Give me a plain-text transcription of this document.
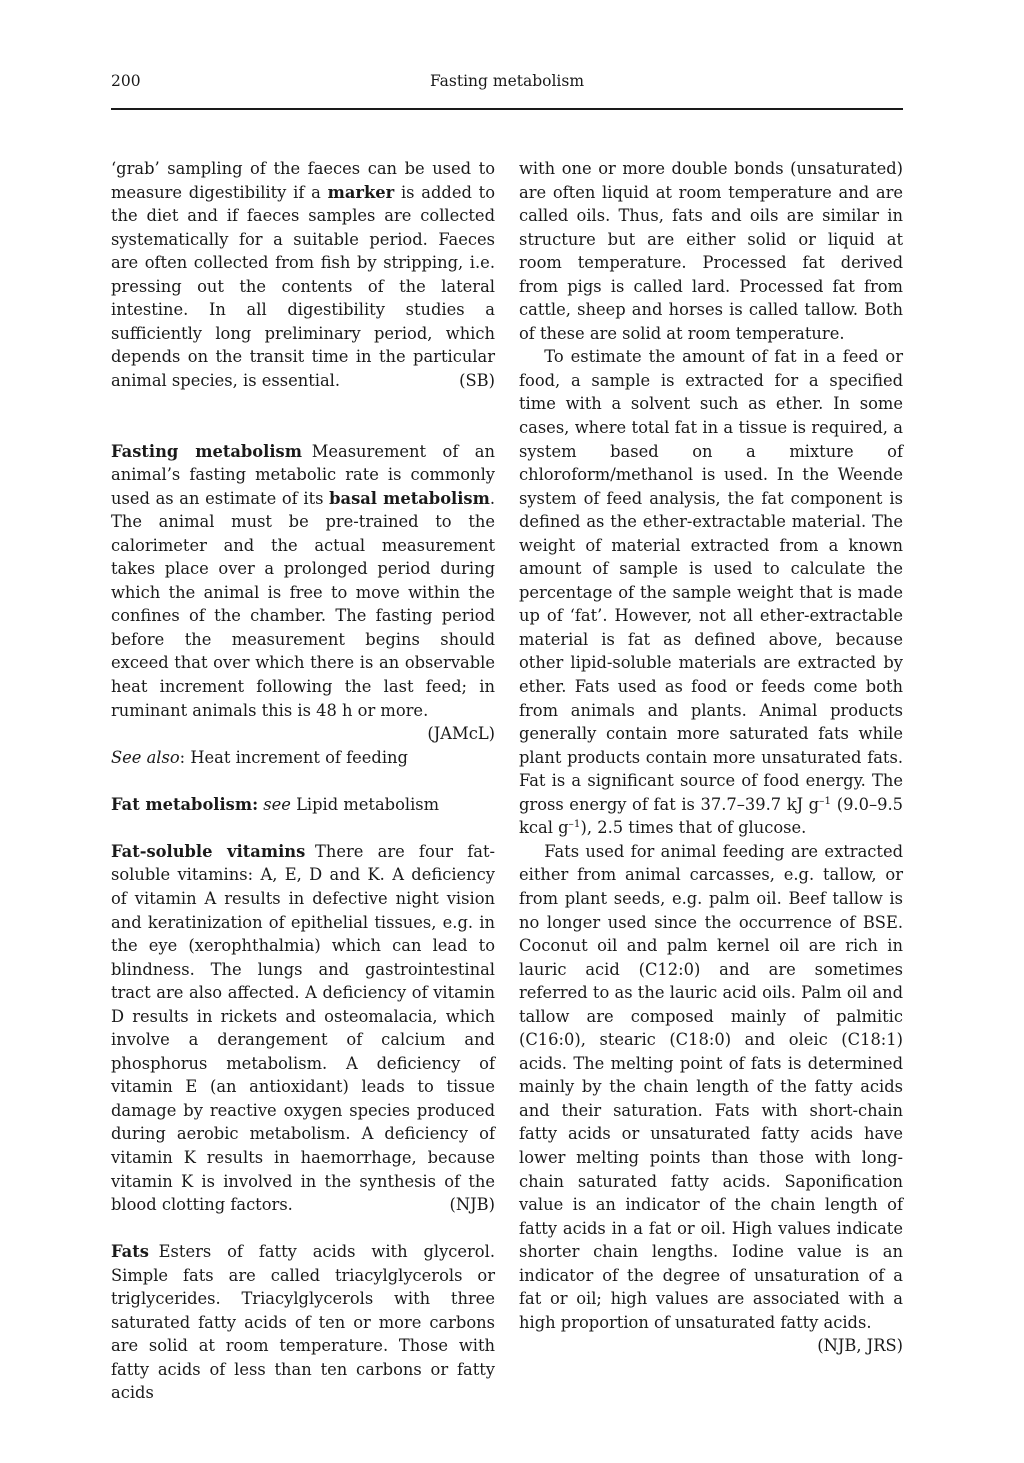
200	Fasting metabolism

‘grab’ sampling of the faeces can be used to measure digestibility if a marker is added to the diet and if faeces samples are collected systematically for a suitable period. Faeces are often collected from fish by stripping, i.e. pressing out the contents of the lateral intestine. In all digestibility studies a sufficiently long preliminary period, which depends on the transit time in the particular animal species, is essential.	(SB)

Fasting metabolism Measurement of an animal’s fasting metabolic rate is commonly used as an estimate of its basal metabolism. The animal must be pre-trained to the calorimeter and the actual measurement takes place over a prolonged period during which the animal is free to move within the confines of the chamber. The fasting period before the measurement begins should exceed that over which there is an observable heat increment following the last feed; in ruminant animals this is 48 h or more.

(JAMcL)

See also: Heat increment of feeding

Fat metabolism: see Lipid metabolism

Fat-soluble vitamins There are four fat-soluble vitamins: A, E, D and K. A deficiency of vitamin A results in defective night vision and keratinization of epithelial tissues, e.g. in the eye (xerophthalmia) which can lead to blindness. The lungs and gastrointestinal tract are also affected. A deficiency of vitamin D results in rickets and osteomalacia, which involve a derangement of calcium and phosphorus metabolism. A deficiency of vitamin E (an antioxidant) leads to tissue damage by reactive oxygen species produced during aerobic metabolism. A deficiency of vitamin K results in haemorrhage, because vitamin K is involved in the synthesis of the blood clotting factors.	(NJB)

Fats Esters of fatty acids with glycerol. Simple fats are called triacylglycerols or triglycerides. Triacylglycerols with three saturated fatty acids of ten or more carbons are solid at room temperature. Those with fatty acids of less than ten carbons or fatty acids

with one or more double bonds (unsaturated) are often liquid at room temperature and are called oils. Thus, fats and oils are similar in structure but are either solid or liquid at room temperature. Processed fat derived from pigs is called lard. Processed fat from cattle, sheep and horses is called tallow. Both of these are solid at room temperature.

To estimate the amount of fat in a feed or food, a sample is extracted for a specified time with a solvent such as ether. In some cases, where total fat in a tissue is required, a system based on a mixture of chloroform/methanol is used. In the Weende system of feed analysis, the fat component is defined as the ether-extractable material. The weight of material extracted from a known amount of sample is used to calculate the percentage of the sample weight that is made up of ‘fat’. However, not all ether-extractable material is fat as defined above, because other lipid-soluble materials are extracted by ether. Fats used as food or feeds come both from animals and plants. Animal products generally contain more saturated fats while plant products contain more unsaturated fats. Fat is a significant source of food energy. The gross energy of fat is 37.7–39.7 kJ $g^{-1}$ (9.0–9.5 kcal $g^{-1}$), 2.5 times that of glucose.

Fats used for animal feeding are extracted either from animal carcasses, e.g. tallow, or from plant seeds, e.g. palm oil. Beef tallow is no longer used since the occurrence of BSE. Coconut oil and palm kernel oil are rich in lauric acid (C12:0) and are sometimes referred to as the lauric acid oils. Palm oil and tallow are composed mainly of palmitic (C16:0), stearic (C18:0) and oleic (C18:1) acids. The melting point of fats is determined mainly by the chain length of the fatty acids and their saturation. Fats with short-chain fatty acids or unsaturated fatty acids have lower melting points than those with long-chain saturated fatty acids. Saponification value is an indicator of the chain length of fatty acids in a fat or oil. High values indicate shorter chain lengths. Iodine value is an indicator of the degree of unsaturation of a fat or oil; high values are associated with a high proportion of unsaturated fatty acids.

(NJB, JRS)
